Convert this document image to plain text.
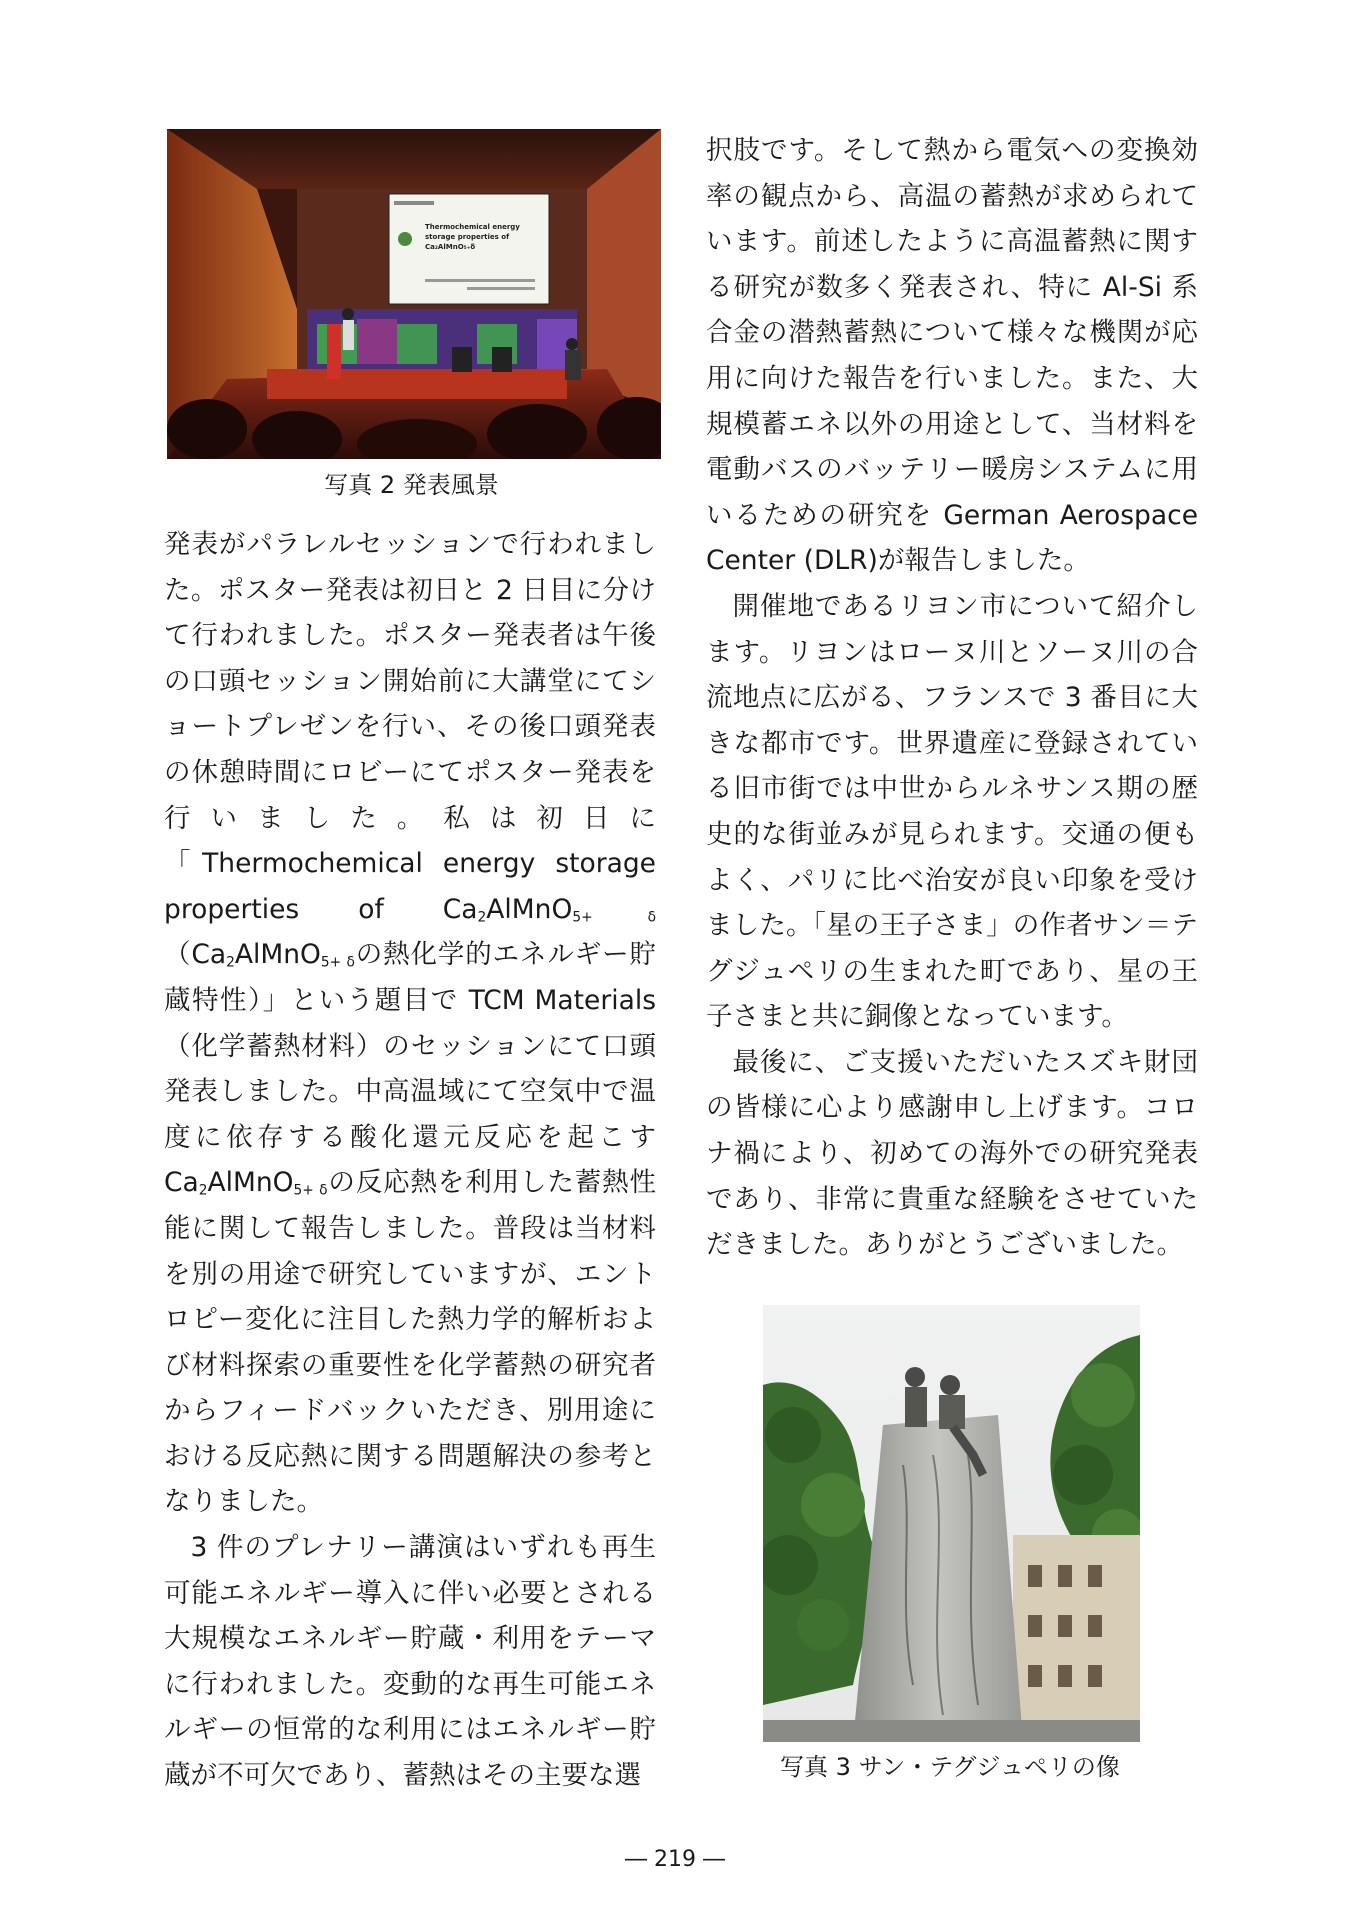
Thermochemical energy
storage properties of
Ca₂AlMnO₅₊δ
写真 2 発表風景

発表がパラレルセッションで行われました。ポスター発表は初日と 2 日目に分けて行われました。ポスター発表者は午後の口頭セッション開始前に大講堂にてショートプレゼンを行い、その後口頭発表の休憩時間にロビーにてポスター発表を行いました。私は初日に「Thermochemical energy storage properties of $Ca_2AlMnO_{5+ \delta}(Ca_2AlMnO_{5+ \delta}$の熱化学的エネルギー貯蔵特性）」という題目で TCM Materials（化学蓄熱材料）のセッションにて口頭発表しました。中高温域にて空気中で温度に依存する酸化還元反応を起こす $Ca_2AlMnO_{5+ \delta}$の反応熱を利用した蓄熱性能に関して報告しました。普段は当材料を別の用途で研究していますが、エントロピー変化に注目した熱力学的解析および材料探索の重要性を化学蓄熱の研究者からフィードバックいただき、別用途における反応熱に関する問題解決の参考となりました。

3 件のプレナリー講演はいずれも再生可能エネルギー導入に伴い必要とされる大規模なエネルギー貯蔵・利用をテーマに行われました。変動的な再生可能エネルギーの恒常的な利用にはエネルギー貯蔵が不可欠であり、蓄熱はその主要な選

択肢です。そして熱から電気への変換効率の観点から、高温の蓄熱が求められています。前述したように高温蓄熱に関する研究が数多く発表され、特に Al-Si 系合金の潜熱蓄熱について様々な機関が応用に向けた報告を行いました。また、大規模蓄エネ以外の用途として、当材料を電動バスのバッテリー暖房システムに用いるための研究を German Aerospace Center (DLR)が報告しました。

開催地であるリヨン市について紹介します。リヨンはローヌ川とソーヌ川の合流地点に広がる、フランスで 3 番目に大きな都市です。世界遺産に登録されている旧市街では中世からルネサンス期の歴史的な街並みが見られます。交通の便もよく、パリに比べ治安が良い印象を受けました。「星の王子さま」の作者サン＝テグジュペリの生まれた町であり、星の王子さまと共に銅像となっています。

最後に、ご支援いただいたスズキ財団の皆様に心より感謝申し上げます。コロナ禍により、初めての海外での研究発表であり、非常に貴重な経験をさせていただきました。ありがとうございました。

写真 3 サン・テグジュペリの像
― 219 ―
